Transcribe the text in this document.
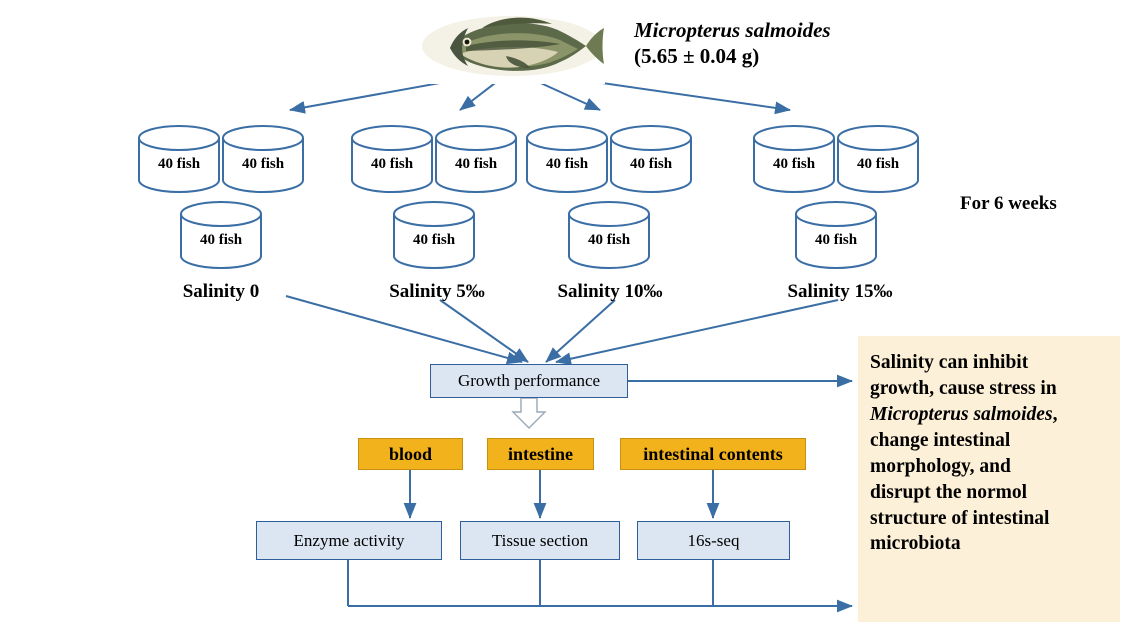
Micropterus salmoides
(5.65 ± 0.04 g)
For 6 weeks
40 fish	40 fish
40 fish
Salinity 0
40 fish	40 fish
40 fish
Salinity 5‰
40 fish	40 fish
40 fish
Salinity 10‰
40 fish	40 fish
40 fish
Salinity 15‰
Growth performance
blood	intestine	intestinal contents
Enzyme activity	Tissue section	16s-seq
Salinity can inhibit
growth, cause stress in
Micropterus salmoides,
change intestinal
morphology, and
disrupt the normol
structure of intestinal
microbiota
